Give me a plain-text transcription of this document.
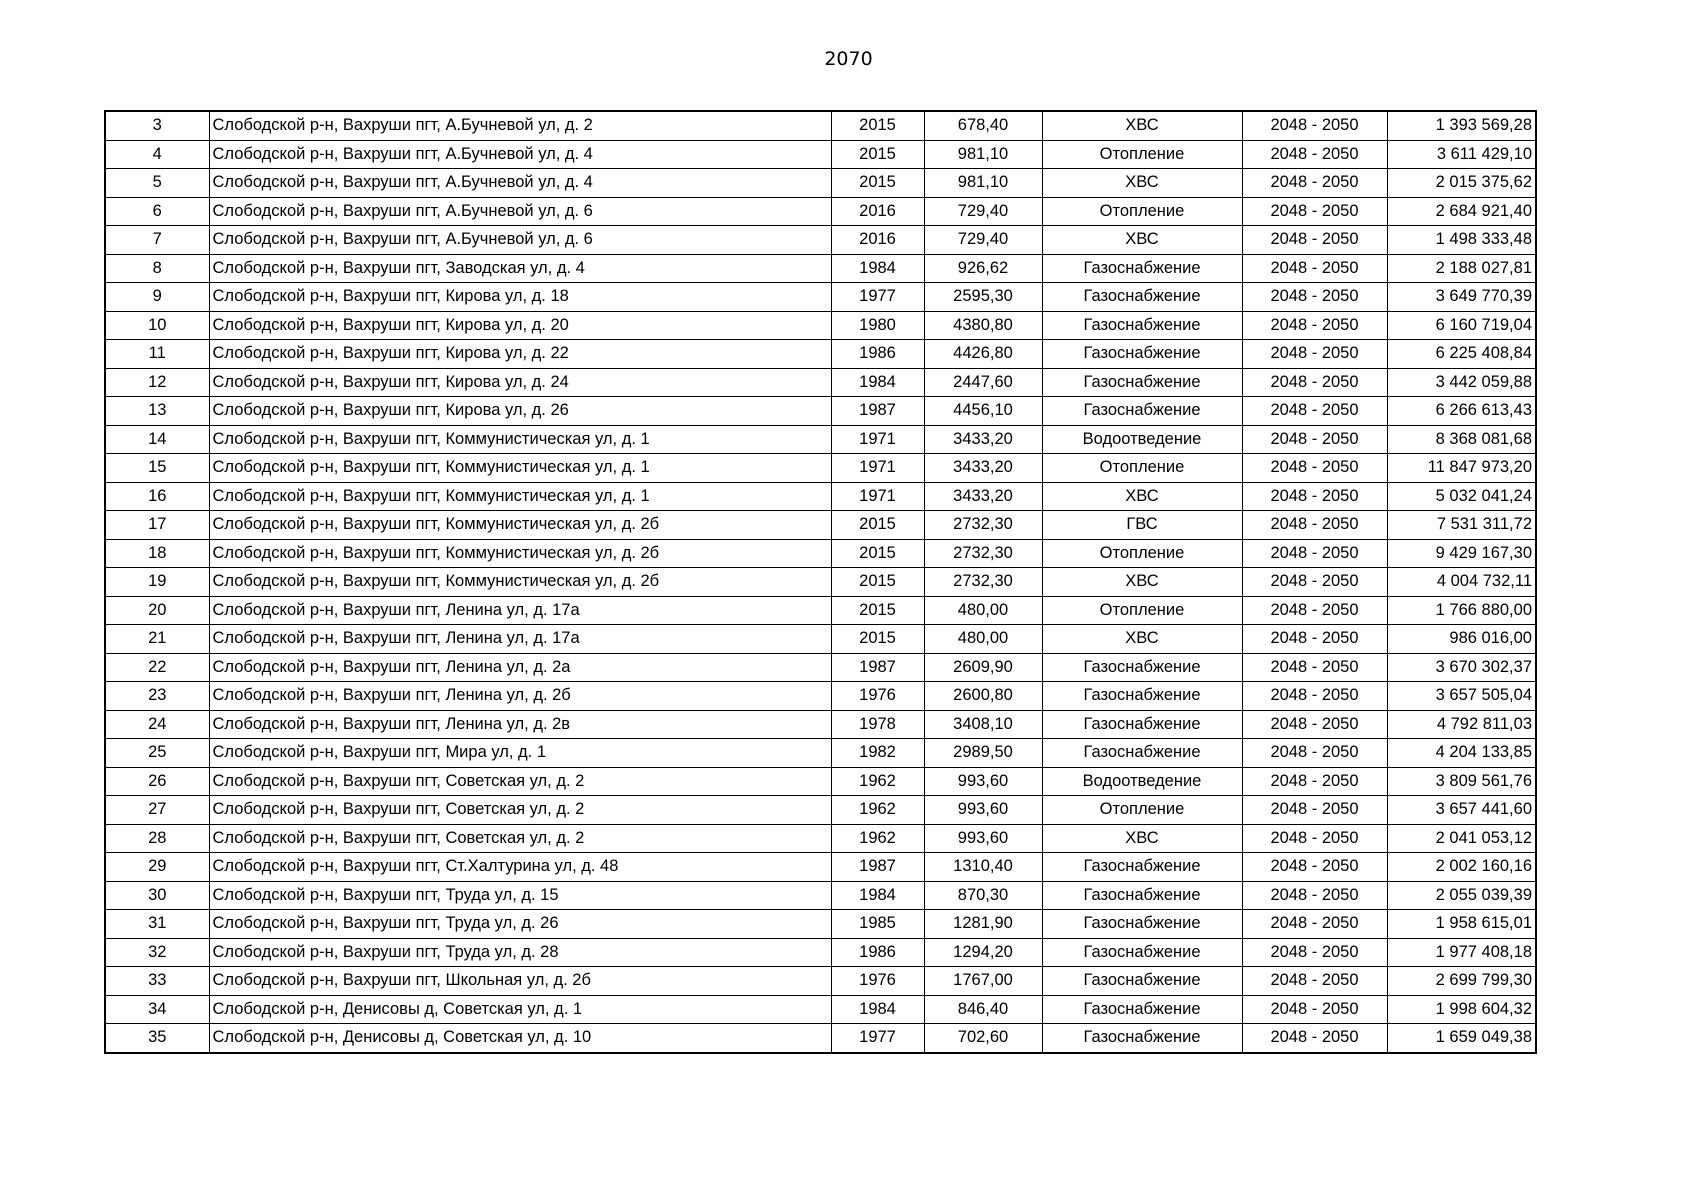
2070
3	Слободской р-н, Вахруши пгт, А.Бучневой ул, д. 2	2015	678,40	ХВС	2048 - 2050	1 393 569,28
4	Слободской р-н, Вахруши пгт, А.Бучневой ул, д. 4	2015	981,10	Отопление	2048 - 2050	3 611 429,10
5	Слободской р-н, Вахруши пгт, А.Бучневой ул, д. 4	2015	981,10	ХВС	2048 - 2050	2 015 375,62
6	Слободской р-н, Вахруши пгт, А.Бучневой ул, д. 6	2016	729,40	Отопление	2048 - 2050	2 684 921,40
7	Слободской р-н, Вахруши пгт, А.Бучневой ул, д. 6	2016	729,40	ХВС	2048 - 2050	1 498 333,48
8	Слободской р-н, Вахруши пгт, Заводская ул, д. 4	1984	926,62	Газоснабжение	2048 - 2050	2 188 027,81
9	Слободской р-н, Вахруши пгт, Кирова ул, д. 18	1977	2595,30	Газоснабжение	2048 - 2050	3 649 770,39
10	Слободской р-н, Вахруши пгт, Кирова ул, д. 20	1980	4380,80	Газоснабжение	2048 - 2050	6 160 719,04
11	Слободской р-н, Вахруши пгт, Кирова ул, д. 22	1986	4426,80	Газоснабжение	2048 - 2050	6 225 408,84
12	Слободской р-н, Вахруши пгт, Кирова ул, д. 24	1984	2447,60	Газоснабжение	2048 - 2050	3 442 059,88
13	Слободской р-н, Вахруши пгт, Кирова ул, д. 26	1987	4456,10	Газоснабжение	2048 - 2050	6 266 613,43
14	Слободской р-н, Вахруши пгт, Коммунистическая ул, д. 1	1971	3433,20	Водоотведение	2048 - 2050	8 368 081,68
15	Слободской р-н, Вахруши пгт, Коммунистическая ул, д. 1	1971	3433,20	Отопление	2048 - 2050	11 847 973,20
16	Слободской р-н, Вахруши пгт, Коммунистическая ул, д. 1	1971	3433,20	ХВС	2048 - 2050	5 032 041,24
17	Слободской р-н, Вахруши пгт, Коммунистическая ул, д. 2б	2015	2732,30	ГВС	2048 - 2050	7 531 311,72
18	Слободской р-н, Вахруши пгт, Коммунистическая ул, д. 2б	2015	2732,30	Отопление	2048 - 2050	9 429 167,30
19	Слободской р-н, Вахруши пгт, Коммунистическая ул, д. 2б	2015	2732,30	ХВС	2048 - 2050	4 004 732,11
20	Слободской р-н, Вахруши пгт, Ленина ул, д. 17а	2015	480,00	Отопление	2048 - 2050	1 766 880,00
21	Слободской р-н, Вахруши пгт, Ленина ул, д. 17а	2015	480,00	ХВС	2048 - 2050	986 016,00
22	Слободской р-н, Вахруши пгт, Ленина ул, д. 2а	1987	2609,90	Газоснабжение	2048 - 2050	3 670 302,37
23	Слободской р-н, Вахруши пгт, Ленина ул, д. 2б	1976	2600,80	Газоснабжение	2048 - 2050	3 657 505,04
24	Слободской р-н, Вахруши пгт, Ленина ул, д. 2в	1978	3408,10	Газоснабжение	2048 - 2050	4 792 811,03
25	Слободской р-н, Вахруши пгт, Мира ул, д. 1	1982	2989,50	Газоснабжение	2048 - 2050	4 204 133,85
26	Слободской р-н, Вахруши пгт, Советская ул, д. 2	1962	993,60	Водоотведение	2048 - 2050	3 809 561,76
27	Слободской р-н, Вахруши пгт, Советская ул, д. 2	1962	993,60	Отопление	2048 - 2050	3 657 441,60
28	Слободской р-н, Вахруши пгт, Советская ул, д. 2	1962	993,60	ХВС	2048 - 2050	2 041 053,12
29	Слободской р-н, Вахруши пгт, Ст.Халтурина ул, д. 48	1987	1310,40	Газоснабжение	2048 - 2050	2 002 160,16
30	Слободской р-н, Вахруши пгт, Труда ул, д. 15	1984	870,30	Газоснабжение	2048 - 2050	2 055 039,39
31	Слободской р-н, Вахруши пгт, Труда ул, д. 26	1985	1281,90	Газоснабжение	2048 - 2050	1 958 615,01
32	Слободской р-н, Вахруши пгт, Труда ул, д. 28	1986	1294,20	Газоснабжение	2048 - 2050	1 977 408,18
33	Слободской р-н, Вахруши пгт, Школьная ул, д. 2б	1976	1767,00	Газоснабжение	2048 - 2050	2 699 799,30
34	Слободской р-н, Денисовы д, Советская ул, д. 1	1984	846,40	Газоснабжение	2048 - 2050	1 998 604,32
35	Слободской р-н, Денисовы д, Советская ул, д. 10	1977	702,60	Газоснабжение	2048 - 2050	1 659 049,38
